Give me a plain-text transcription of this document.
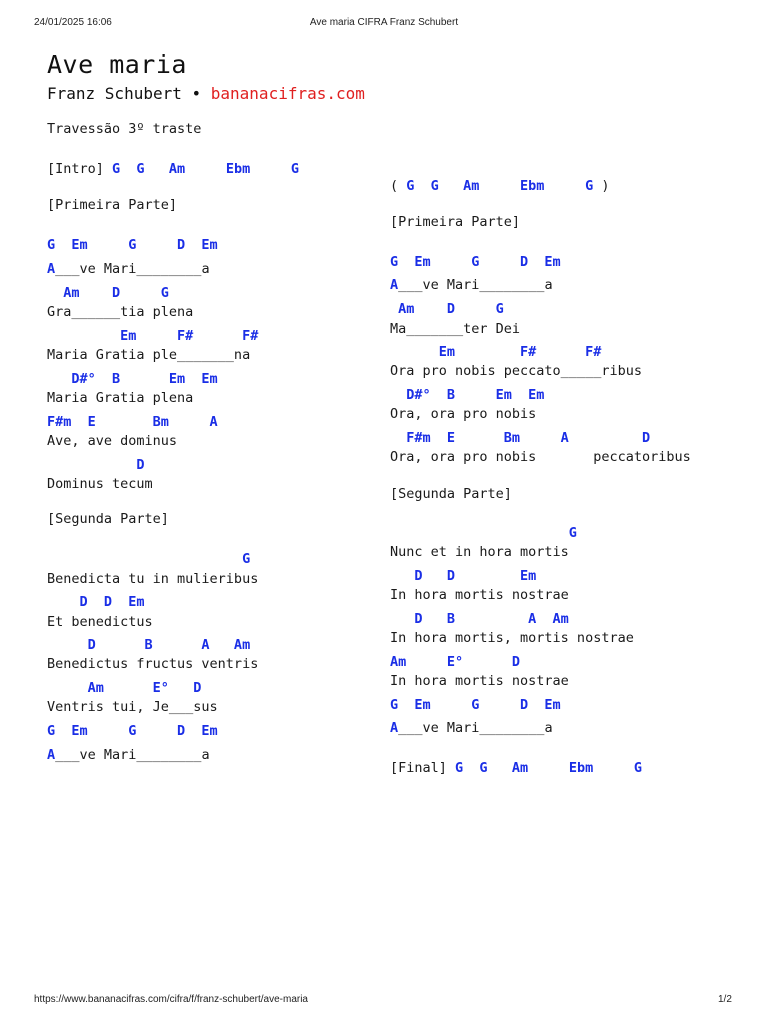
24/01/2025 16:06	Ave maria CIFRA Franz Schubert
Ave maria
Franz Schubert • bananacifras.com
Travessão 3º traste
[Intro] G  G   Am     Ebm     G
[Primeira Parte]
G  Em     G     D  Em
A___ve Mari________a
Am    D     G
Gra______tia plena
Em     F#      F#
Maria Gratia ple_______na
D#°  B      Em  Em
Maria Gratia plena
F#m  E       Bm     A
Ave, ave dominus
D
Dominus tecum
[Segunda Parte]
G
Benedicta tu in mulieribus
D  D  Em
Et benedictus
D      B      A   Am
Benedictus fructus ventris
Am      E°   D
Ventris tui, Je___sus
G  Em     G     D  Em
A___ve Mari________a
( G  G   Am     Ebm     G )
[Primeira Parte]
G  Em     G     D  Em
A___ve Mari________a
Am    D     G
Ma_______ter Dei
Em        F#      F#
Ora pro nobis peccato_____ribus
D#°  B     Em  Em
Ora, ora pro nobis
F#m  E      Bm     A         D
Ora, ora pro nobis       peccatoribus
[Segunda Parte]
G
Nunc et in hora mortis
D   D        Em
In hora mortis nostrae
D   B         A  Am
In hora mortis, mortis nostrae
Am     E°      D
In hora mortis nostrae
G  Em     G     D  Em
A___ve Mari________a
[Final] G  G   Am     Ebm     G
https://www.bananacifras.com/cifra/f/franz-schubert/ave-maria	1/2
